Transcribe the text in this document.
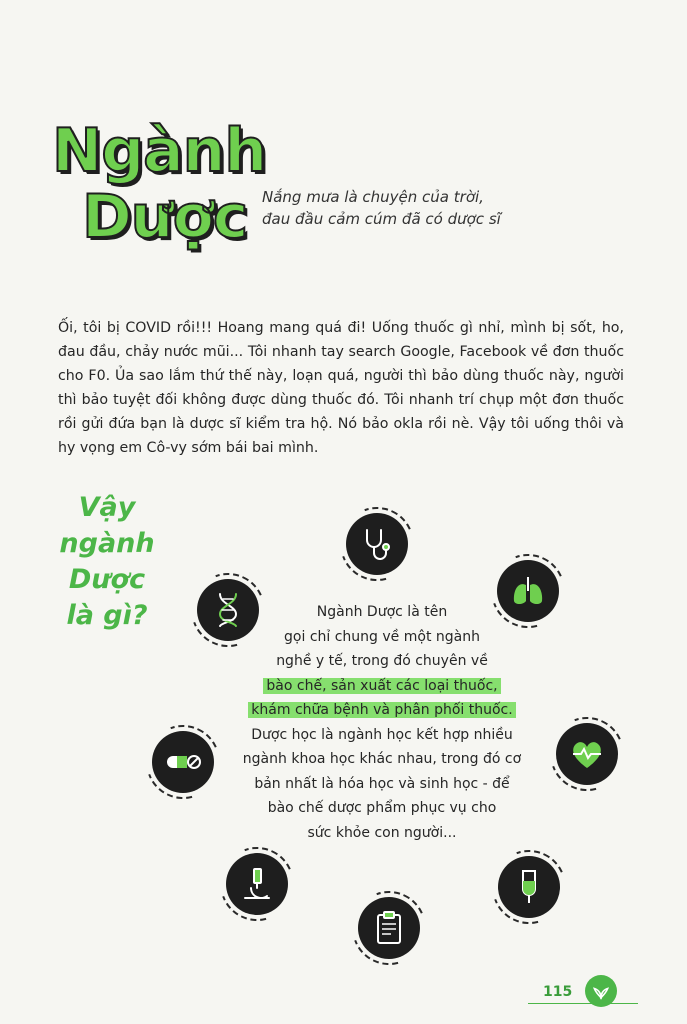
Ngành
Dược Nắng mưa là chuyện của trời,
đau đầu cảm cúm đã có dược sĩ

Ối, tôi bị COVID rồi!!! Hoang mang quá đi! Uống thuốc gì nhỉ, mình bị sốt, ho, đau đầu, chảy nước mũi... Tôi nhanh tay search Google, Facebook về đơn thuốc cho F0. Ủa sao lắm thứ thế này, loạn quá, người thì bảo dùng thuốc này, người thì bảo tuyệt đối không được dùng thuốc đó. Tôi nhanh trí chụp một đơn thuốc rồi gửi đứa bạn là dược sĩ kiểm tra hộ. Nó bảo okla rồi nè. Vậy tôi uống thôi và hy vọng em Cô-vy sớm bái bai mình.

Vậy
ngành
Dược
là gì?	Ngành Dược là tên
gọi chỉ chung về một ngành
nghề y tế, trong đó chuyên về
bào chế, sản xuất các loại thuốc,
khám chữa bệnh và phân phối thuốc.
Dược học là ngành học kết hợp nhiều
ngành khoa học khác nhau, trong đó cơ
bản nhất là hóa học và sinh học - để
bào chế dược phẩm phục vụ cho
sức khỏe con người...
115
